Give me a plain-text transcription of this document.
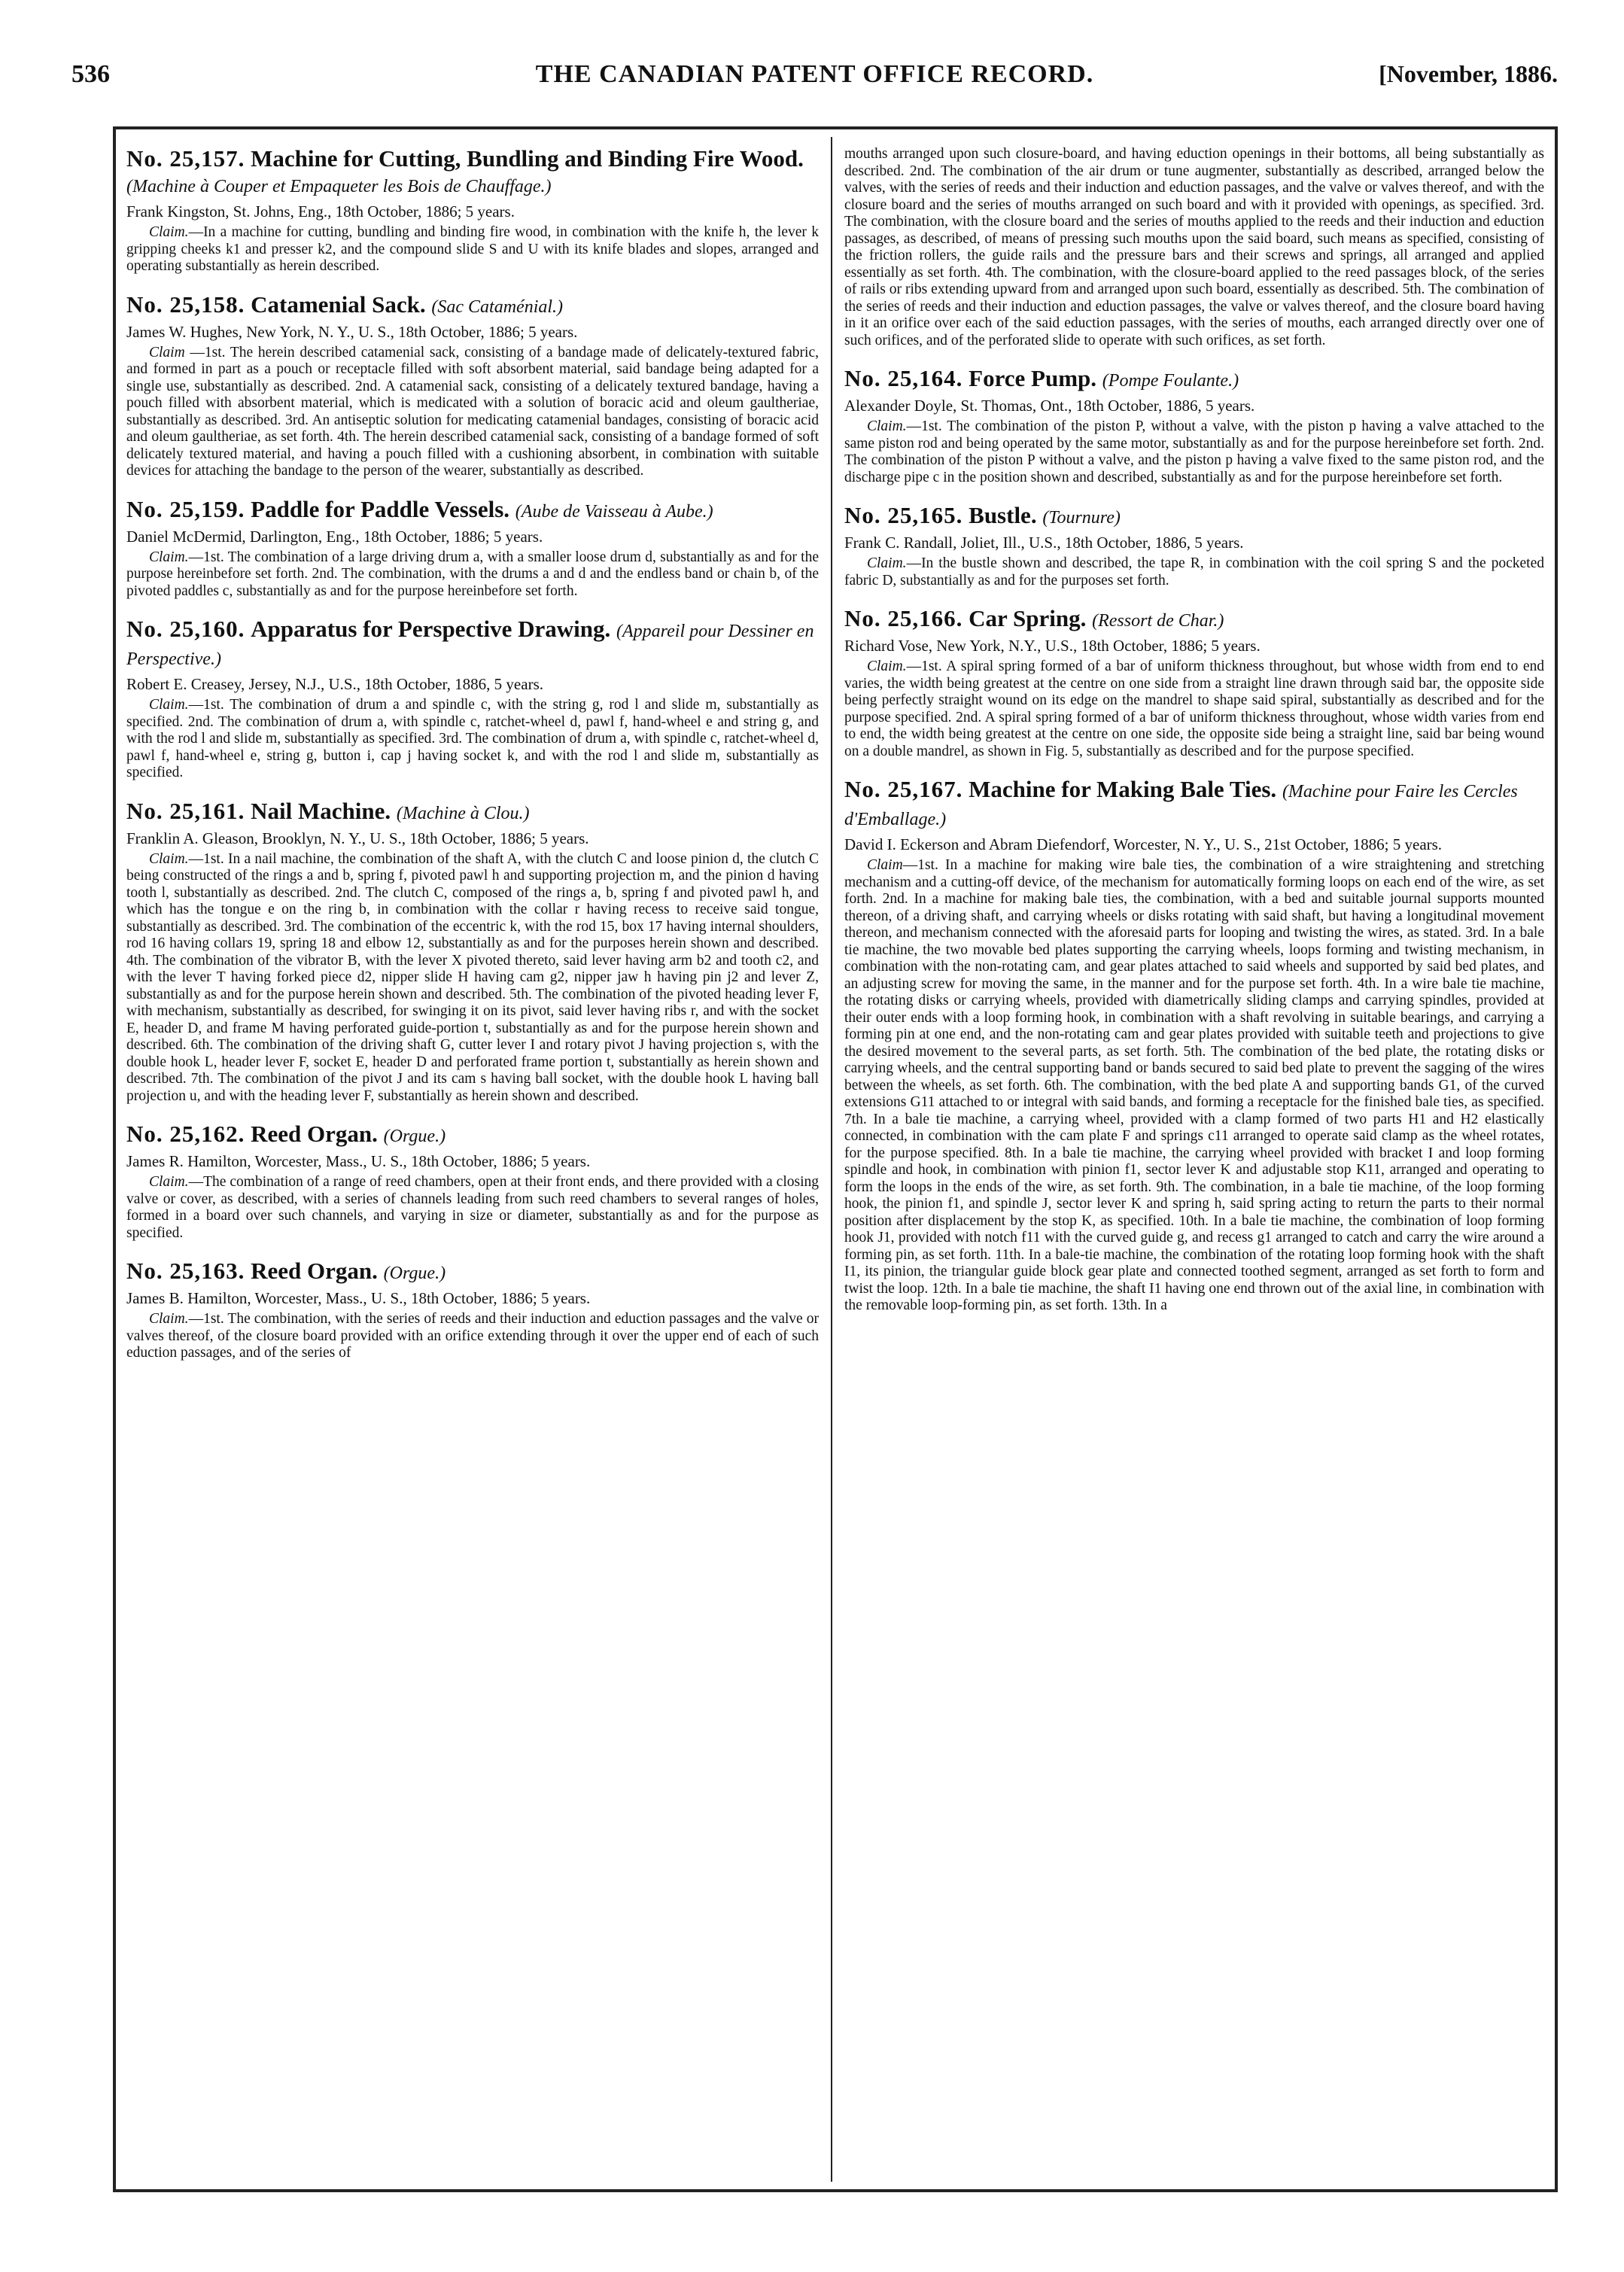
536	THE CANADIAN PATENT OFFICE RECORD.	[November, 1886.

No. 25,157. Machine for Cutting, Bundling and Binding Fire Wood. (Machine à Couper et Empaqueter les Bois de Chauffage.)

Frank Kingston, St. Johns, Eng., 18th October, 1886; 5 years.

Claim.—In a machine for cutting, bundling and binding fire wood, in combination with the knife h, the lever k gripping cheeks k1 and presser k2, and the compound slide S and U with its knife blades and slopes, arranged and operating substantially as herein described.

No. 25,158. Catamenial Sack. (Sac Cataménial.)

James W. Hughes, New York, N. Y., U. S., 18th October, 1886; 5 years.

Claim —1st. The herein described catamenial sack, consisting of a bandage made of delicately-textured fabric, and formed in part as a pouch or receptacle filled with soft absorbent material, said bandage being adapted for a single use, substantially as described. 2nd. A catamenial sack, consisting of a delicately textured bandage, having a pouch filled with absorbent material, which is medicated with a solution of boracic acid and oleum gaultheriae, substantially as described. 3rd. An antiseptic solution for medicating catamenial bandages, consisting of boracic acid and oleum gaultheriae, as set forth. 4th. The herein described catamenial sack, consisting of a bandage formed of soft delicately textured material, and having a pouch filled with a cushioning absorbent, in combination with suitable devices for attaching the bandage to the person of the wearer, substantially as described.

No. 25,159. Paddle for Paddle Vessels. (Aube de Vaisseau à Aube.)

Daniel McDermid, Darlington, Eng., 18th October, 1886; 5 years.

Claim.—1st. The combination of a large driving drum a, with a smaller loose drum d, substantially as and for the purpose hereinbefore set forth. 2nd. The combination, with the drums a and d and the endless band or chain b, of the pivoted paddles c, substantially as and for the purpose hereinbefore set forth.

No. 25,160. Apparatus for Perspective Drawing. (Appareil pour Dessiner en Perspective.)

Robert E. Creasey, Jersey, N.J., U.S., 18th October, 1886, 5 years.

Claim.—1st. The combination of drum a and spindle c, with the string g, rod l and slide m, substantially as specified. 2nd. The combination of drum a, with spindle c, ratchet-wheel d, pawl f, hand-wheel e and string g, and with the rod l and slide m, substantially as specified. 3rd. The combination of drum a, with spindle c, ratchet-wheel d, pawl f, hand-wheel e, string g, button i, cap j having socket k, and with the rod l and slide m, substantially as specified.

No. 25,161. Nail Machine. (Machine à Clou.)

Franklin A. Gleason, Brooklyn, N. Y., U. S., 18th October, 1886; 5 years.

Claim.—1st. In a nail machine, the combination of the shaft A, with the clutch C and loose pinion d, the clutch C being constructed of the rings a and b, spring f, pivoted pawl h and supporting projection m, and the pinion d having tooth l, substantially as described. 2nd. The clutch C, composed of the rings a, b, spring f and pivoted pawl h, and which has the tongue e on the ring b, in combination with the collar r having recess to receive said tongue, substantially as described. 3rd. The combination of the eccentric k, with the rod 15, box 17 having internal shoulders, rod 16 having collars 19, spring 18 and elbow 12, substantially as and for the purposes herein shown and described. 4th. The combination of the vibrator B, with the lever X pivoted thereto, said lever having arm b2 and tooth c2, and with the lever T having forked piece d2, nipper slide H having cam g2, nipper jaw h having pin j2 and lever Z, substantially as and for the purpose herein shown and described. 5th. The combination of the pivoted heading lever F, with mechanism, substantially as described, for swinging it on its pivot, said lever having ribs r, and with the socket E, header D, and frame M having perforated guide-portion t, substantially as and for the purpose herein shown and described. 6th. The combination of the driving shaft G, cutter lever I and rotary pivot J having projection s, with the double hook L, header lever F, socket E, header D and perforated frame portion t, substantially as herein shown and described. 7th. The combination of the pivot J and its cam s having ball socket, with the double hook L having ball projection u, and with the heading lever F, substantially as herein shown and described.

No. 25,162. Reed Organ. (Orgue.)

James R. Hamilton, Worcester, Mass., U. S., 18th October, 1886; 5 years.

Claim.—The combination of a range of reed chambers, open at their front ends, and there provided with a closing valve or cover, as described, with a series of channels leading from such reed chambers to several ranges of holes, formed in a board over such channels, and varying in size or diameter, substantially as and for the purpose as specified.

No. 25,163. Reed Organ. (Orgue.)

James B. Hamilton, Worcester, Mass., U. S., 18th October, 1886; 5 years.

Claim.—1st. The combination, with the series of reeds and their induction and eduction passages and the valve or valves thereof, of the closure board provided with an orifice extending through it over the upper end of each of such eduction passages, and of the series of

mouths arranged upon such closure-board, and having eduction openings in their bottoms, all being substantially as described. 2nd. The combination of the air drum or tune augmenter, substantially as described, arranged below the valves, with the series of reeds and their induction and eduction passages, and the valve or valves thereof, and with the closure board and the series of mouths arranged on such board and with it provided with openings, as specified. 3rd. The combination, with the closure board and the series of mouths applied to the reeds and their induction and eduction passages, as described, of means of pressing such mouths upon the said board, such means as specified, consisting of the friction rollers, the guide rails and the pressure bars and their screws and springs, all arranged and applied essentially as set forth. 4th. The combination, with the closure-board applied to the reed passages block, of the series of rails or ribs extending upward from and arranged upon such board, essentially as described. 5th. The combination of the series of reeds and their induction and eduction passages, the valve or valves thereof, and the closure board having in it an orifice over each of the said eduction passages, with the series of mouths, each arranged directly over one of such orifices, and of the perforated slide to operate with such orifices, as set forth.

No. 25,164. Force Pump. (Pompe Foulante.)

Alexander Doyle, St. Thomas, Ont., 18th October, 1886, 5 years.

Claim.—1st. The combination of the piston P, without a valve, with the piston p having a valve attached to the same piston rod and being operated by the same motor, substantially as and for the purpose hereinbefore set forth. 2nd. The combination of the piston P without a valve, and the piston p having a valve fixed to the same piston rod, and the discharge pipe c in the position shown and described, substantially as and for the purpose hereinbefore set forth.

No. 25,165. Bustle. (Tournure)

Frank C. Randall, Joliet, Ill., U.S., 18th October, 1886, 5 years.

Claim.—In the bustle shown and described, the tape R, in combination with the coil spring S and the pocketed fabric D, substantially as and for the purposes set forth.

No. 25,166. Car Spring. (Ressort de Char.)

Richard Vose, New York, N.Y., U.S., 18th October, 1886; 5 years.

Claim.—1st. A spiral spring formed of a bar of uniform thickness throughout, but whose width from end to end varies, the width being greatest at the centre on one side from a straight line drawn through said bar, the opposite side being perfectly straight wound on its edge on the mandrel to shape said spiral, substantially as described and for the purpose specified. 2nd. A spiral spring formed of a bar of uniform thickness throughout, whose width varies from end to end, the width being greatest at the centre on one side, the opposite side being a straight line, said bar being wound on a double mandrel, as shown in Fig. 5, substantially as described and for the purpose specified.

No. 25,167. Machine for Making Bale Ties. (Machine pour Faire les Cercles d'Emballage.)

David I. Eckerson and Abram Diefendorf, Worcester, N. Y., U. S., 21st October, 1886; 5 years.

Claim—1st. In a machine for making wire bale ties, the combination of a wire straightening and stretching mechanism and a cutting-off device, of the mechanism for automatically forming loops on each end of the wire, as set forth. 2nd. In a machine for making bale ties, the combination, with a bed and suitable journal supports mounted thereon, of a driving shaft, and carrying wheels or disks rotating with said shaft, but having a longitudinal movement thereon, and mechanism connected with the aforesaid parts for looping and twisting the wires, as stated. 3rd. In a bale tie machine, the two movable bed plates supporting the carrying wheels, loops forming and twisting mechanism, in combination with the non-rotating cam, and gear plates attached to said wheels and supported by said bed plates, and an adjusting screw for moving the same, in the manner and for the purpose set forth. 4th. In a wire bale tie machine, the rotating disks or carrying wheels, provided with diametrically sliding clamps and carrying spindles, provided at their outer ends with a loop forming hook, in combination with a shaft revolving in suitable bearings, and carrying a forming pin at one end, and the non-rotating cam and gear plates provided with suitable teeth and projections to give the desired movement to the several parts, as set forth. 5th. The combination of the bed plate, the rotating disks or carrying wheels, and the central supporting band or bands secured to said bed plate to prevent the sagging of the wires between the wheels, as set forth. 6th. The combination, with the bed plate A and supporting bands G1, of the curved extensions G11 attached to or integral with said bands, and forming a receptacle for the finished bale ties, as specified. 7th. In a bale tie machine, a carrying wheel, provided with a clamp formed of two parts H1 and H2 elastically connected, in combination with the cam plate F and springs c11 arranged to operate said clamp as the wheel rotates, for the purpose specified. 8th. In a bale tie machine, the carrying wheel provided with bracket I and loop forming spindle and hook, in combination with pinion f1, sector lever K and adjustable stop K11, arranged and operating to form the loops in the ends of the wire, as set forth. 9th. The combination, in a bale tie machine, of the loop forming hook, the pinion f1, and spindle J, sector lever K and spring h, said spring acting to return the parts to their normal position after displacement by the stop K, as specified. 10th. In a bale tie machine, the combination of loop forming hook J1, provided with notch f11 with the curved guide g, and recess g1 arranged to catch and carry the wire around a forming pin, as set forth. 11th. In a bale-tie machine, the combination of the rotating loop forming hook with the shaft I1, its pinion, the triangular guide block gear plate and connected toothed segment, arranged as set forth to form and twist the loop. 12th. In a bale tie machine, the shaft I1 having one end thrown out of the axial line, in combination with the removable loop-forming pin, as set forth. 13th. In a
